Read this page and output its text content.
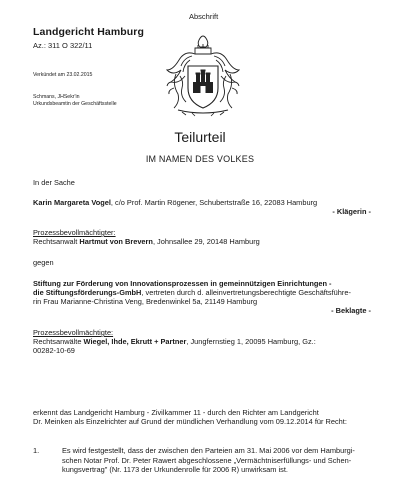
Abschrift
Landgericht Hamburg
Az.: 311 O 322/11
Verkündet am 23.02.2015
Schmans, JHSekr'in
Urkundsbeamtin der Geschäftsstelle
Teilurteil
IM NAMEN DES VOLKES
In der Sache
Karin Margareta Vogel, c/o Prof. Martin Rögener, Schubertstraße 16, 22083 Hamburg
- Klägerin -
Prozessbevollmächtigter:
Rechtsanwalt Hartmut von Brevern, Johnsallee 29, 20148 Hamburg
gegen
Stiftung zur Förderung von Innovationsprozessen in gemeinnützigen Einrichtungen -
die Stiftungsförderungs-GmbH, vertreten durch d. alleinvertretungsberechtigte Geschäftsführe-
rin Frau Marianne-Christina Veng, Bredenwinkel 5a, 21149 Hamburg
- Beklagte -
Prozessbevollmächtigte:
Rechtsanwälte Wiegel, Ihde, Ekrutt + Partner, Jungfernstieg 1, 20095 Hamburg, Gz.:
00282-10-69
erkennt das Landgericht Hamburg - Zivilkammer 11 - durch den Richter am Landgericht
Dr. Meinken als Einzelrichter auf Grund der mündlichen Verhandlung vom 09.12.2014 für Recht:
1.	Es wird festgestellt, dass der zwischen den Parteien am 31. Mai 2006 vor dem Hamburgi-
schen Notar Prof. Dr. Peter Rawert abgeschlossene „Vermächtniserfüllungs- und Schen-
kungsvertrag" (Nr. 1173 der Urkundenrolle für 2006 R) unwirksam ist.
